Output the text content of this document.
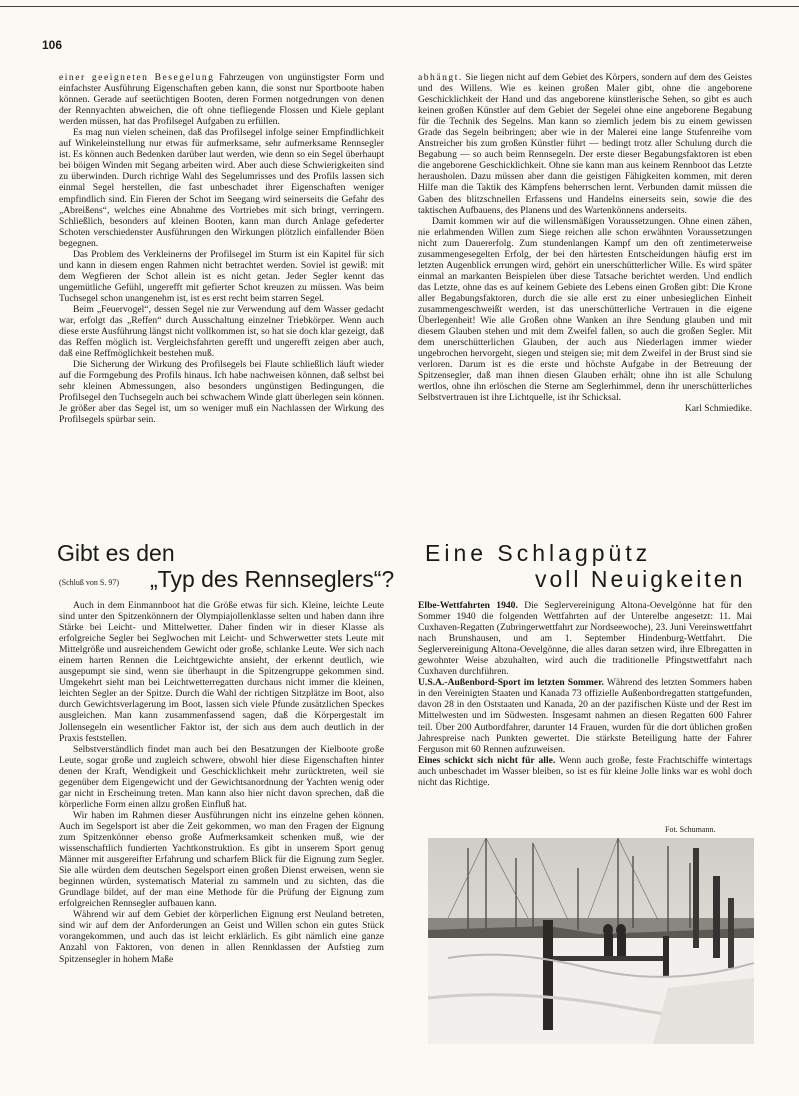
106

einer geeigneten Besegelung Fahrzeugen von ungünstigster Form und einfachster Ausführung Eigenschaften geben kann, die sonst nur Sportboote haben können. Gerade auf seetüchtigen Booten, deren Formen notgedrungen von denen der Rennyachten abweichen, die oft ohne tiefliegende Flossen und Kiele geplant werden müssen, hat das Profilsegel Aufgaben zu erfüllen.

Es mag nun vielen scheinen, daß das Profilsegel infolge seiner Empfindlichkeit auf Winkeleinstellung nur etwas für aufmerksame, sehr aufmerksame Rennsegler ist. Es können auch Bedenken darüber laut werden, wie denn so ein Segel überhaupt bei böigen Winden mit Segang arbeiten wird. Aber auch diese Schwierigkeiten sind zu überwinden. Durch richtige Wahl des Segelumrisses und des Profils lassen sich einmal Segel herstellen, die fast unbeschadet ihrer Eigenschaften weniger empfindlich sind. Ein Fieren der Schot im Seegang wird seinerseits die Gefahr des „Abreißens“, welches eine Abnahme des Vortriebes mit sich bringt, verringern. Schließlich, besonders auf kleinen Booten, kann man durch Anlage gefederter Schoten verschiedenster Ausführungen den Wirkungen plötzlich einfallender Böen begegnen.

Das Problem des Verkleinerns der Profilsegel im Sturm ist ein Kapitel für sich und kann in diesem engen Rahmen nicht betrachtet werden. Soviel ist gewiß: mit dem Wegfieren der Schot allein ist es nicht getan. Jeder Segler kennt das ungemütliche Gefühl, ungerefft mit gefierter Schot kreuzen zu müssen. Was beim Tuchsegel schon unangenehm ist, ist es erst recht beim starren Segel.

Beim „Feuervogel“, dessen Segel nie zur Verwendung auf dem Wasser gedacht war, erfolgt das „Reffen“ durch Ausschaltung einzelner Triebkörper. Wenn auch diese erste Ausführung längst nicht vollkommen ist, so hat sie doch klar gezeigt, daß das Reffen möglich ist. Vergleichsfahrten gerefft und ungerefft zeigen aber auch, daß eine Reffmöglichkeit bestehen muß.

Die Sicherung der Wirkung des Profilsegels bei Flaute schließlich läuft wieder auf die Formgebung des Profils hinaus. Ich habe nachweisen können, daß selbst bei sehr kleinen Abmessungen, also besonders ungünstigen Bedingungen, die Profilsegel den Tuchsegeln auch bei schwachem Winde glatt überlegen sein können. Je größer aber das Segel ist, um so weniger muß ein Nachlassen der Wirkung des Profilsegels spürbar sein.

abhängt. Sie liegen nicht auf dem Gebiet des Körpers, sondern auf dem des Geistes und des Willens. Wie es keinen großen Maler gibt, ohne die angeborene Geschicklichkeit der Hand und das angeborene künstlerische Sehen, so gibt es auch keinen großen Künstler auf dem Gebiet der Segelei ohne eine angeborene Begabung für die Technik des Segelns. Man kann so ziemlich jedem bis zu einem gewissen Grade das Segeln beibringen; aber wie in der Malerei eine lange Stufenreihe vom Anstreicher bis zum großen Künstler führt — bedingt trotz aller Schulung durch die Begabung — so auch beim Rennsegeln. Der erste dieser Begabungsfaktoren ist eben die angeborene Geschicklichkeit. Ohne sie kann man aus keinem Rennboot das Letzte herausholen. Dazu müssen aber dann die geistigen Fähigkeiten kommen, mit deren Hilfe man die Taktik des Kämpfens beherrschen lernt. Verbunden damit müssen die Gaben des blitzschnellen Erfassens und Handelns einerseits sein, sowie die des taktischen Aufbauens, des Planens und des Wartenkönnens anderseits.

Damit kommen wir auf die willensmäßigen Voraussetzungen. Ohne einen zähen, nie erlahmenden Willen zum Siege reichen alle schon erwähnten Voraussetzungen nicht zum Dauererfolg. Zum stundenlangen Kampf um den oft zentimeterweise zusammengesegelten Erfolg, der bei den härtesten Entscheidungen häufig erst im letzten Augenblick errungen wird, gehört ein unerschütterlicher Wille. Es wird später einmal an markanten Beispielen über diese Tatsache berichtet werden. Und endlich das Letzte, ohne das es auf keinem Gebiete des Lebens einen Großen gibt: Die Krone aller Begabungsfaktoren, durch die sie alle erst zu einer unbesieglichen Einheit zusammengeschweißt werden, ist das unerschütterliche Vertrauen in die eigene Überlegenheit! Wie alle Großen ohne Wanken an ihre Sendung glauben und mit diesem Glauben stehen und mit dem Zweifel fallen, so auch die großen Segler. Mit dem unerschütterlichen Glauben, der auch aus Niederlagen immer wieder ungebrochen hervorgeht, siegen und steigen sie; mit dem Zweifel in der Brust sind sie verloren. Darum ist es die erste und höchste Aufgabe in der Betreuung der Spitzensegler, daß man ihnen diesen Glauben erhält; ohne ihn ist alle Schulung wertlos, ohne ihn erlöschen die Sterne am Seglerhimmel, denn ihr unerschütterliches Selbstvertrauen ist ihre Lichtquelle, ist ihr Schicksal.

Karl Schmiedike.

Gibt es den
(Schluß von S. 97) „Typ des Rennseglers“?
Eine Schlagpütz
voll Neuigkeiten

Auch in dem Einmannboot hat die Größe etwas für sich. Kleine, leichte Leute sind unter den Spitzenkönnern der Olympiajollenklasse selten und haben dann ihre Stärke bei Leicht- und Mittelwetter. Daher finden wir in dieser Klasse als erfolgreiche Segler bei Seglwochen mit Leicht- und Schwerwetter stets Leute mit Mittelgröße und ausreichendem Gewicht oder große, schlanke Leute. Wer sich nach einem harten Rennen die Leichtgewichte ansieht, der erkennt deutlich, wie ausgepumpt sie sind, wenn sie überhaupt in die Spitzengruppe gekommen sind. Umgekehrt sieht man bei Leichtwetterregatten durchaus nicht immer die kleinen, leichten Segler an der Spitze. Durch die Wahl der richtigen Sitzplätze im Boot, also durch Gewichtsverlagerung im Boot, lassen sich viele Pfunde zusätzlichen Speckes ausgleichen. Man kann zusammenfassend sagen, daß die Körpergestalt im Jollensegeln ein wesentlicher Faktor ist, der sich aus dem auch deutlich in der Praxis feststellen.

Selbstverständlich findet man auch bei den Besatzungen der Kielboote große Leute, sogar große und zugleich schwere, obwohl hier diese Eigenschaften hinter denen der Kraft, Wendigkeit und Geschicklichkeit mehr zurücktreten, weil sie gegenüber dem Eigengewicht und der Gewichtsanordnung der Yachten wenig oder gar nicht in Erscheinung treten. Man kann also hier nicht davon sprechen, daß die körperliche Form einen allzu großen Einfluß hat.

Wir haben im Rahmen dieser Ausführungen nicht ins einzelne gehen können. Auch im Segelsport ist aber die Zeit gekommen, wo man den Fragen der Eignung zum Spitzenkönner ebenso große Aufmerksamkeit schenken muß, wie der wissenschaftlich fundierten Yachtkonstruktion. Es gibt in unserem Sport genug Männer mit ausgereifter Erfahrung und scharfem Blick für die Eignung zum Segler. Sie alle würden dem deutschen Segelsport einen großen Dienst erweisen, wenn sie beginnen würden, systematisch Material zu sammeln und zu sichten, das die Grundlage bildet, auf der man eine Methode für die Prüfung der Eignung zum erfolgreichen Rennsegler aufbauen kann.

Während wir auf dem Gebiet der körperlichen Eignung erst Neuland betreten, sind wir auf dem der Anforderungen an Geist und Willen schon ein gutes Stück vorangekommen, und auch das ist leicht erklärlich. Es gibt nämlich eine ganze Anzahl von Faktoren, von denen in allen Rennklassen der Aufstieg zum Spitzensegler in hohem Maße

Elbe-Wettfahrten 1940. Die Seglervereinigung Altona-Oevelgönne hat für den Sommer 1940 die folgenden Wettfahrten auf der Unterelbe angesetzt: 11. Mai Cuxhaven-Regatten (Zubringerwettfahrt zur Nordseewoche), 23. Juni Vereinswettfahrt nach Brunshausen, und am 1. September Hindenburg-Wettfahrt. Die Seglervereinigung Altona-Oevelgönne, die alles daran setzen wird, ihre Elbregatten in gewohnter Weise abzuhalten, wird auch die traditionelle Pfingstwettfahrt nach Cuxhaven durchführen.

U.S.A.-Außenbord-Sport im letzten Sommer. Während des letzten Sommers haben in den Vereinigten Staaten und Kanada 73 offizielle Außenbordregatten stattgefunden, davon 28 in den Oststaaten und Kanada, 20 an der pazifischen Küste und der Rest im Mittelwesten und im Südwesten. Insgesamt nahmen an diesen Regatten 600 Fahrer teil. Über 200 Autbordfahrer, darunter 14 Frauen, wurden für die dort üblichen großen Jahrespreise nach Punkten gewertet. Die stärkste Beteiligung hatte der Fahrer Ferguson mit 60 Rennen aufzuweisen.

Eines schickt sich nicht für alle. Wenn auch große, feste Frachtschiffe wintertags auch unbeschadet im Wasser bleiben, so ist es für kleine Jolle links war es wohl doch nicht das Richtige.

Fot. Schumann.
